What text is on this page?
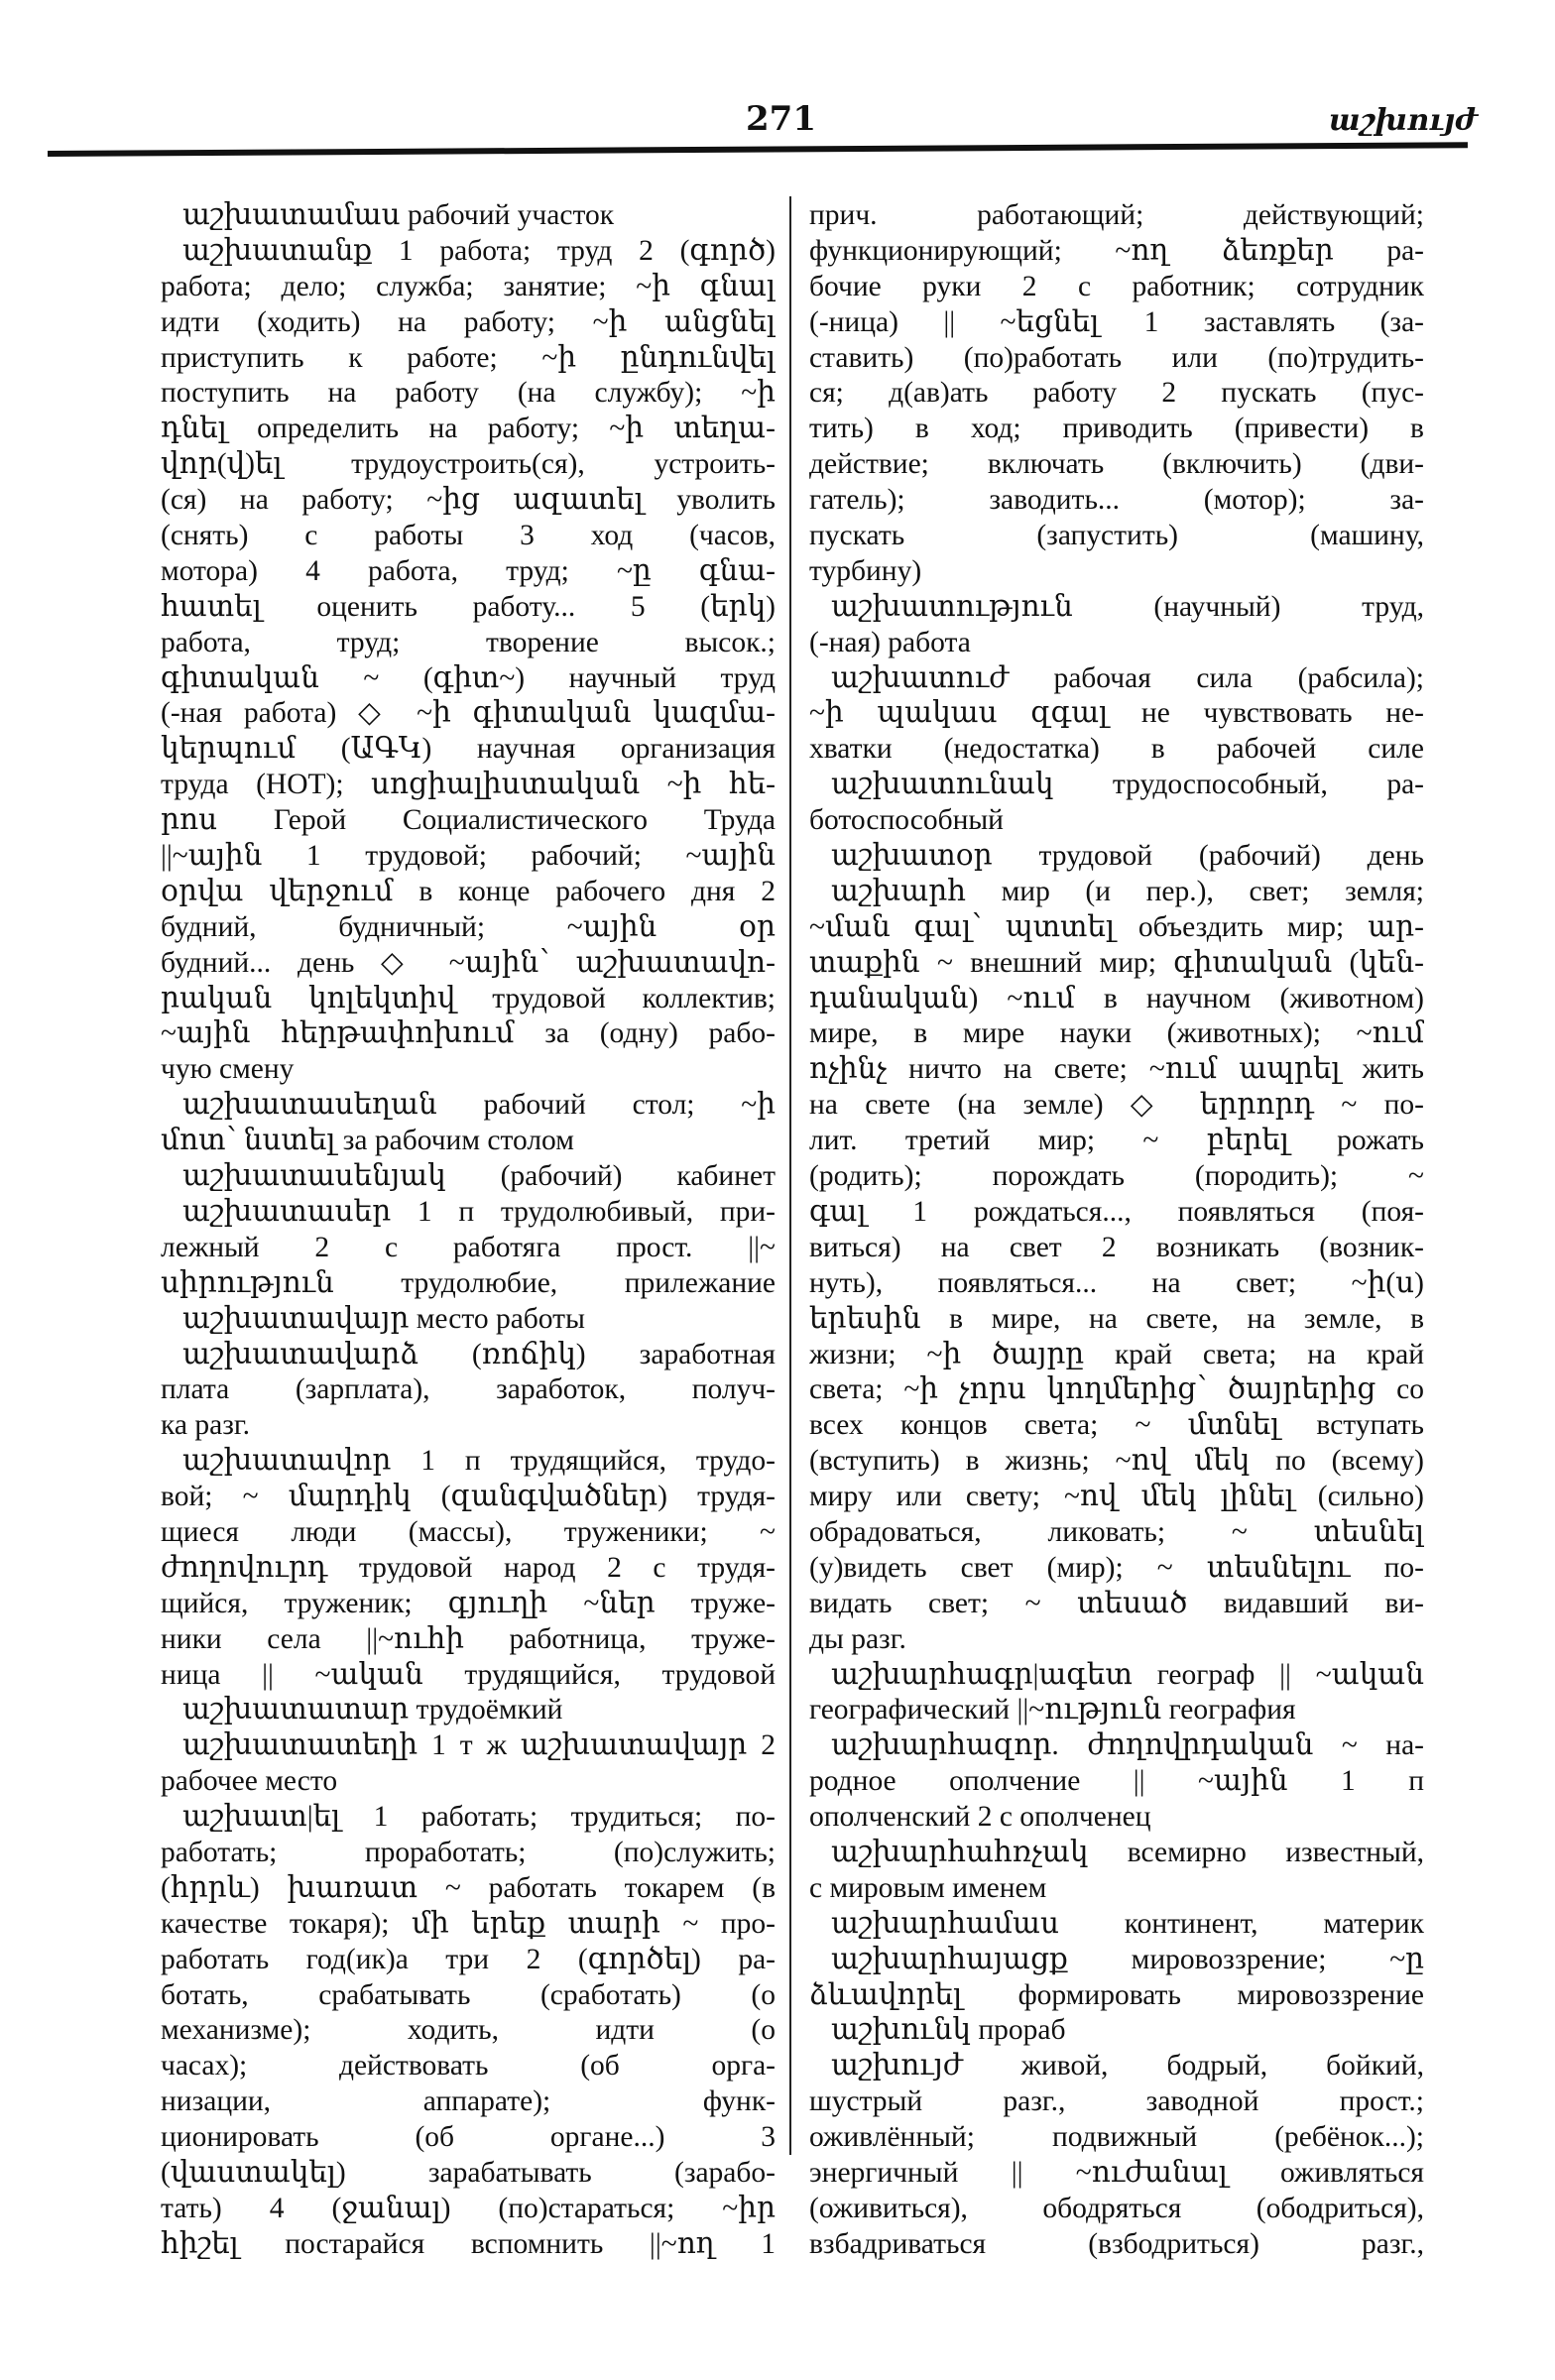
271	աշխույժ
աշխատամաս рабочий участок
աշխատանք 1 работа; труд 2 (գործ)
работа; дело; служба; занятие; ~ի գնալ
идти (ходить) на работу; ~ի անցնել
приступить к работе; ~ի ընդունվել
поступить на работу (на службу); ~ի
դնել определить на работу; ~ի տեղա-
վոր(վ)ել трудоустроить(ся), устроить-
(ся) на работу; ~ից ազատել уволить
(снять) с работы 3 ход (часов,
мотора) 4 работа, труд; ~ը գնա-
հատել оценить работу... 5 (երկ)
работа, труд; творение высок.;
գիտական ~ (գիտ~) научный труд
(-ная работа) ◇ ~ի գիտական կազմա-
կերպում (ԱԳԿ) научная организация
труда (НОТ); սոցիալիստական ~ի հե-
րոս Герой Социалистического Труда
||~ային 1 трудовой; рабочий; ~ային
օրվա վերջում в конце рабочего дня 2
будний, будничный; ~ային օր
будний... день ◇ ~ային՝ աշխատավո-
րական կոլեկտիվ трудовой коллектив;
~ային հերթափոխում за (одну) рабо-
чую смену
աշխատասեղան рабочий стол; ~ի
մոտ՝ նստել за рабочим столом
աշխատասենյակ (рабочий) кабинет
աշխատասեր 1 п трудолюбивый, при-
лежный 2 с работяга прост. ||~
սիրություն трудолюбие, прилежание
աշխատավայր место работы
աշխատավարձ (ռոճիկ) заработная
плата (зарплата), заработок, получ-
ка разг.
աշխատավոր 1 п трудящийся, трудо-
вой; ~ մարդիկ (զանգվածներ) трудя-
щиеся люди (массы), труженики; ~
ժողովուրդ трудовой народ 2 с трудя-
щийся, труженик; գյուղի ~ներ тружe-
ники села ||~ուհի работница, труже-
ница || ~ական трудящийся, трудовой
աշխատատար трудоёмкий
աշխատատեղի 1 т ж աշխատավայր 2
рабочее место
աշխատ|ել 1 работать; трудиться; по-
работать; проработать; (по)служить;
(հրրև) խառատ ~ работать токарем (в
качестве токаря); մի երեք տարի ~ про-
работать год(ик)а три 2 (գործել) ра-
ботать, срабатывать (сработать) (о
механизме); ходить, идти (о
часах); действовать (об орга-
низации, аппарате); функ-
ционировать (об органе...) 3
(վաստակել) зарабатывать (зарабо-
тать) 4 (ջանալ) (по)стараться; ~իր
հիշել постарайся вспомнить ||~ող 1
прич. работающий; действующий;
функционирующий; ~ող ձեռքեր ра-
бочие руки 2 с работник; сотрудник
(-ница) || ~եցնել 1 заставлять (за-
ставить) (по)работать или (по)трудить-
ся; д(ав)ать работу 2 пускать (пус-
тить) в ход; приводить (привести) в
действие; включать (включить) (дви-
гатель); заводить... (мотор); за-
пускать (запустить) (машину,
турбину)
աշխատություն (научный) труд,
(-ная) работа
աշխատուժ рабочая сила (рабсила);
~ի պակաս զգալ не чувствовать не-
хватки (недостатка) в рабочей силе
աշխատունակ трудоспособный, ра-
ботоспособный
աշխատօր трудовой (рабочий) день
աշխարհ мир (и пер.), свет; земля;
~ման գալ՝ պտտել объездить мир; ար-
տաքին ~ внешний мир; գիտական (կեն-
դանական) ~ում в научном (животном)
мире, в мире науки (животных); ~ում
ոչինչ ничто на свете; ~ում ապրել жить
на свете (на земле) ◇ երրորդ ~ по-
лит. третий мир; ~ բերել рожать
(родить); порождать (породить); ~
գալ 1 рождаться..., появляться (поя-
виться) на свет 2 возникать (возник-
нуть), появляться... на свет; ~ի(ս)
երեսին в мире, на свете, на земле, в
жизни; ~ի ծայրը край света; на край
света; ~ի չորս կողմերից՝ ծայրերից со
всех концов света; ~ մտնել вступать
(вступить) в жизнь; ~ով մեկ по (всему)
миру или свету; ~ով մեկ լինել (сильно)
обрадоваться, ликовать; ~ տեսնել
(у)видеть свет (мир); ~ տեսնելու по-
видать свет; ~ տեսած видавший ви-
ды разг.
աշխարհագր|ագետ географ || ~ական
географический ||~ություն география
աշխարհազոր. ժողովրդական ~ на-
родное ополчение || ~ային 1 п
ополченский 2 с ополченец
աշխարհահռչակ всемирно известный,
с мировым именем
աշխարհամաս континент, материк
աշխարհայացք мировоззрение; ~ը
ձևավորել формировать мировоззрение
աշխունկ прораб
աշխույժ живой, бодрый, бойкий,
шустрый разг., заводной прост.;
оживлённый; подвижный (ребёнок...);
энергичный || ~ուժանալ оживляться
(оживиться), ободряться (ободриться),
взбадриваться (взбодриться) разг.,
